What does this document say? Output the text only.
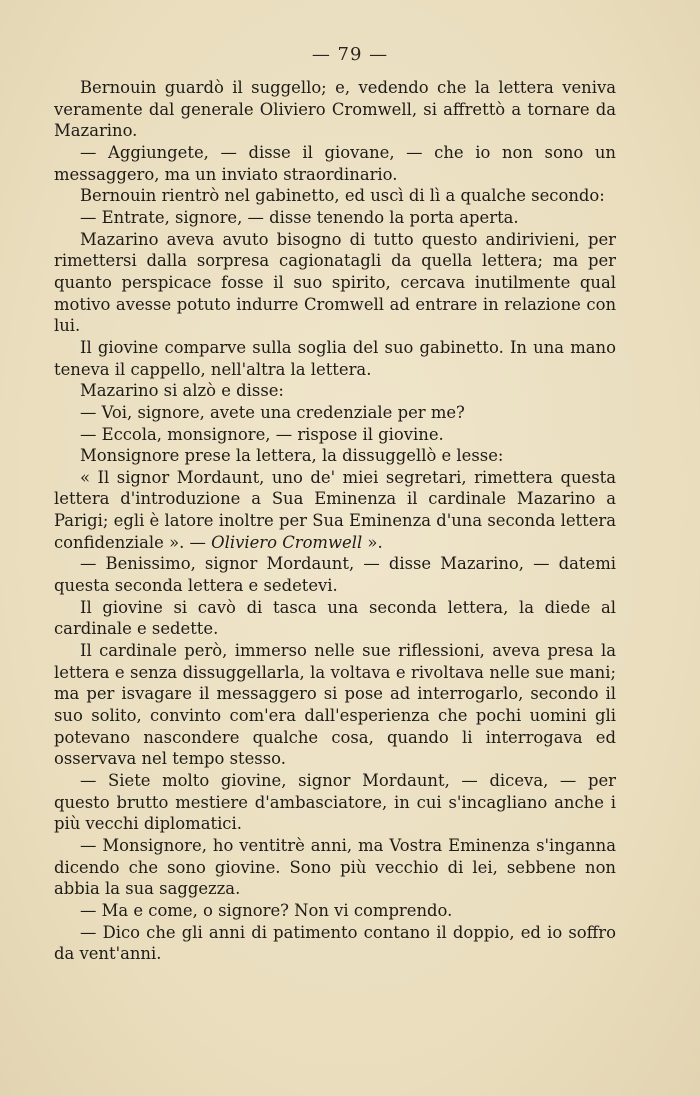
— 79 —

Bernouin guardò il suggello; e, vedendo che la lettera veniva veramente dal generale Oliviero Cromwell, si affrettò a tornare da Mazarino.

— Aggiungete, — disse il giovane, — che io non sono un messaggero, ma un inviato straordinario.

Bernouin rientrò nel gabinetto, ed uscì di lì a qualche secondo:

— Entrate, signore, — disse tenendo la porta aperta.

Mazarino aveva avuto bisogno di tutto questo andirivieni, per rimettersi dalla sorpresa cagionatagli da quella lettera; ma per quanto perspicace fosse il suo spirito, cercava inutilmente qual motivo avesse potuto indurre Cromwell ad entrare in relazione con lui.

Il giovine comparve sulla soglia del suo gabinetto. In una mano teneva il cappello, nell'altra la lettera.

Mazarino si alzò e disse:

— Voi, signore, avete una credenziale per me?

— Eccola, monsignore, — rispose il giovine.

Monsignore prese la lettera, la dissuggellò e lesse:

« Il signor Mordaunt, uno de' miei segretari, rimettera questa lettera d'introduzione a Sua Eminenza il cardinale Mazarino a Parigi; egli è latore inoltre per Sua Eminenza d'una seconda lettera confidenziale ». — Oliviero Cromwell ».

— Benissimo, signor Mordaunt, — disse Mazarino, — datemi questa seconda lettera e sedetevi.

Il giovine si cavò di tasca una seconda lettera, la diede al cardinale e sedette.

Il cardinale però, immerso nelle sue riflessioni, aveva presa la lettera e senza dissuggellarla, la voltava e rivoltava nelle sue mani; ma per isvagare il messaggero si pose ad interrogarlo, secondo il suo solito, convinto com'era dall'esperienza che pochi uomini gli potevano nascondere qualche cosa, quando li interrogava ed osservava nel tempo stesso.

— Siete molto giovine, signor Mordaunt, — diceva, — per questo brutto mestiere d'ambasciatore, in cui s'incagliano anche i più vecchi diplomatici.

— Monsignore, ho ventitrè anni, ma Vostra Eminenza s'inganna dicendo che sono giovine. Sono più vecchio di lei, sebbene non abbia la sua saggezza.

— Ma e come, o signore? Non vi comprendo.

— Dico che gli anni di patimento contano il doppio, ed io soffro da vent'anni.
